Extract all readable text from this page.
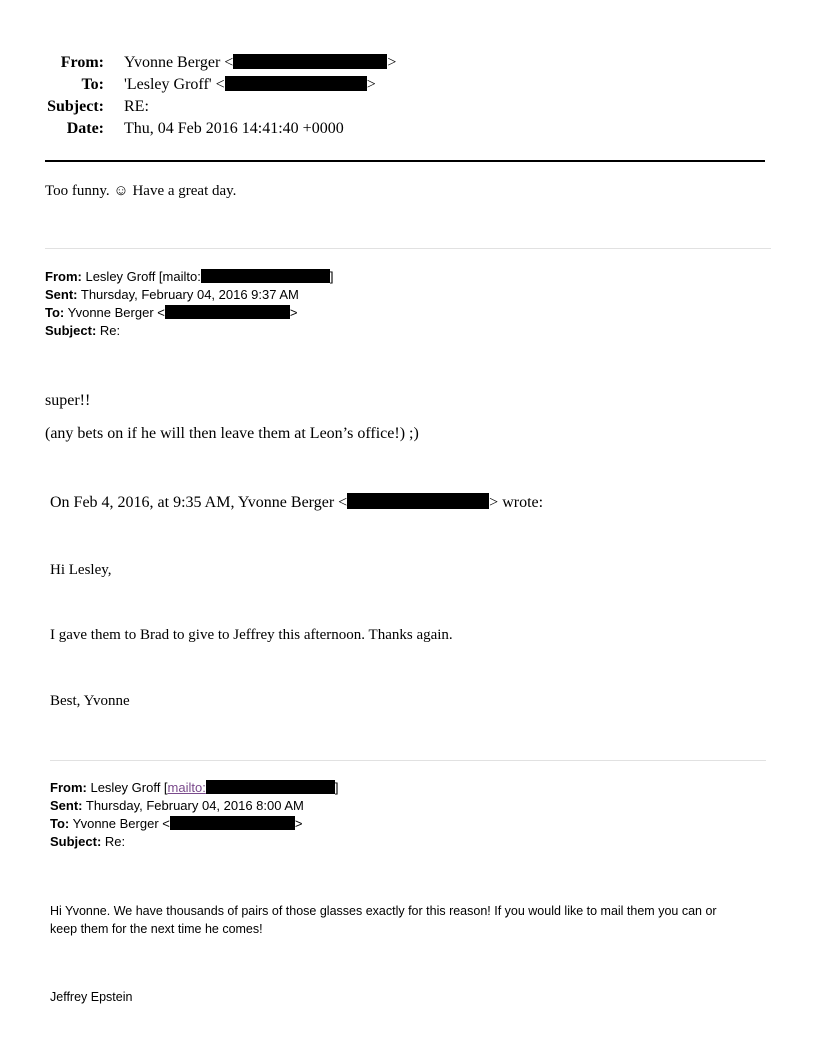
From: Yvonne Berger <	>
To: 'Lesley Groff' <	>
Subject: RE:
Date: Thu, 04 Feb 2016 14:41:40 +0000
Too funny. ☺ Have a great day.
From: Lesley Groff [mailto:	]
Sent: Thursday, February 04, 2016 9:37 AM
To: Yvonne Berger <	>
Subject: Re:
super!!
(any bets on if he will then leave them at Leon’s office!) ;)
On Feb 4, 2016, at 9:35 AM, Yvonne Berger <	> wrote:
Hi Lesley,
I gave them to Brad to give to Jeffrey this afternoon. Thanks again.
Best, Yvonne
From: Lesley Groff [mailto:	]
Sent: Thursday, February 04, 2016 8:00 AM
To: Yvonne Berger <	>
Subject: Re:
Hi Yvonne. We have thousands of pairs of those glasses exactly for this reason! If you would like to mail them you can or
keep them for the next time he comes!
Jeffrey Epstein
